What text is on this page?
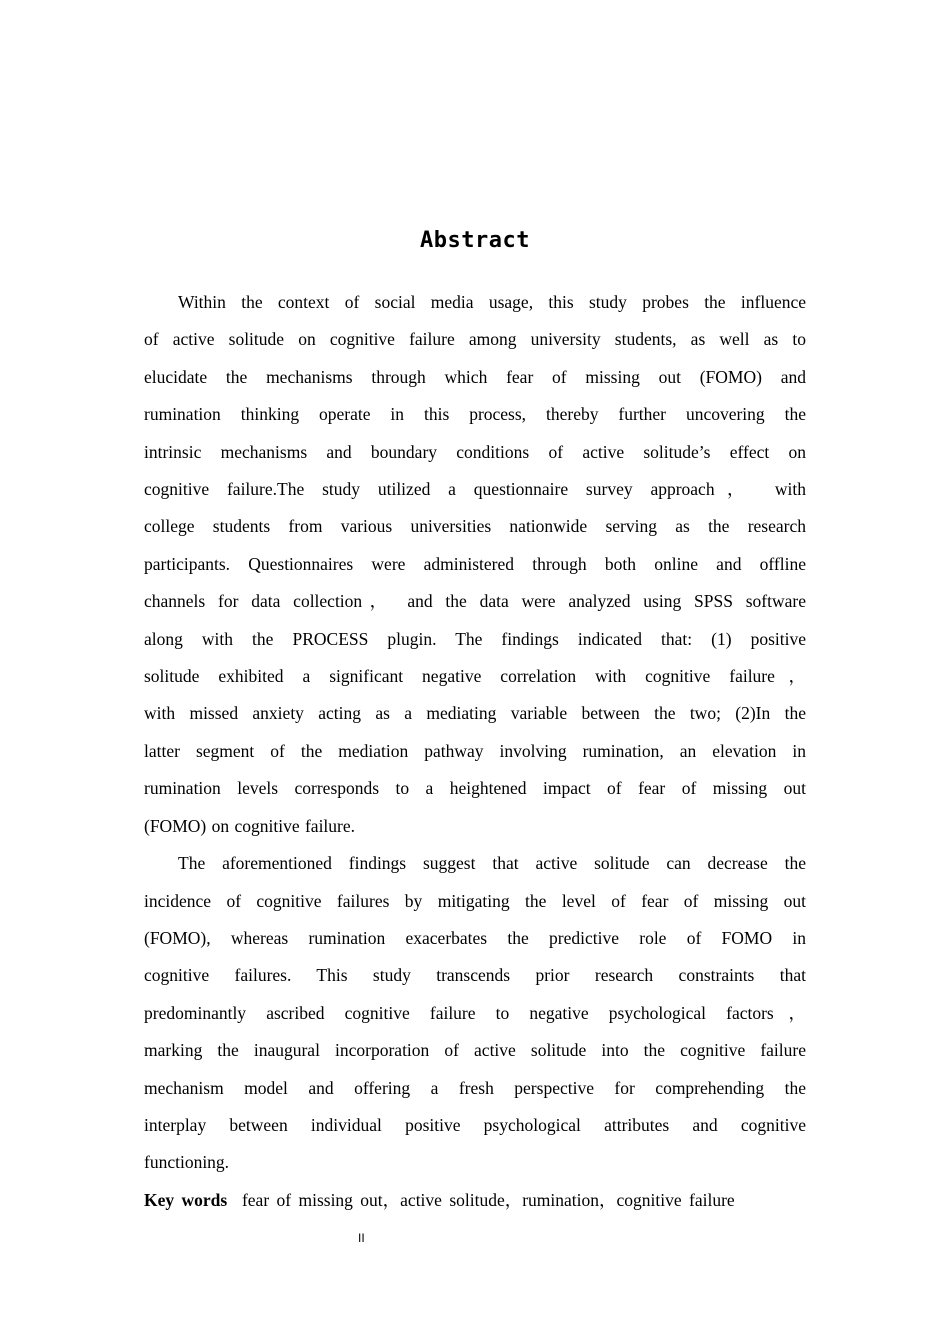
Abstract

Within the context of social media usage, this study probes the influence
of active solitude on cognitive failure among university students, as well as to
elucidate the mechanisms through which fear of missing out (FOMO) and
rumination thinking operate in this process, thereby further uncovering the
intrinsic mechanisms and boundary conditions of active solitude’s effect on
cognitive failure.The study utilized a questionnaire survey approach， with
college students from various universities nationwide serving as the research
participants. Questionnaires were administered through both online and offline
channels for data collection， and the data were analyzed using SPSS software
along with the PROCESS plugin. The findings indicated that: (1) positive
solitude exhibited a significant negative correlation with cognitive failure，
with missed anxiety acting as a mediating variable between the two; (2)In the
latter segment of the mediation pathway involving rumination, an elevation in
rumination levels corresponds to a heightened impact of fear of missing out
(FOMO) on cognitive failure.

The aforementioned findings suggest that active solitude can decrease the
incidence of cognitive failures by mitigating the level of fear of missing out
(FOMO), whereas rumination exacerbates the predictive role of FOMO in
cognitive failures. This study transcends prior research constraints that
predominantly ascribed cognitive failure to negative psychological factors，
marking the inaugural incorporation of active solitude into the cognitive failure
mechanism model and offering a fresh perspective for comprehending the
interplay between individual positive psychological attributes and cognitive
functioning.

Key words fear of missing out，active solitude，rumination，cognitive failure

II
